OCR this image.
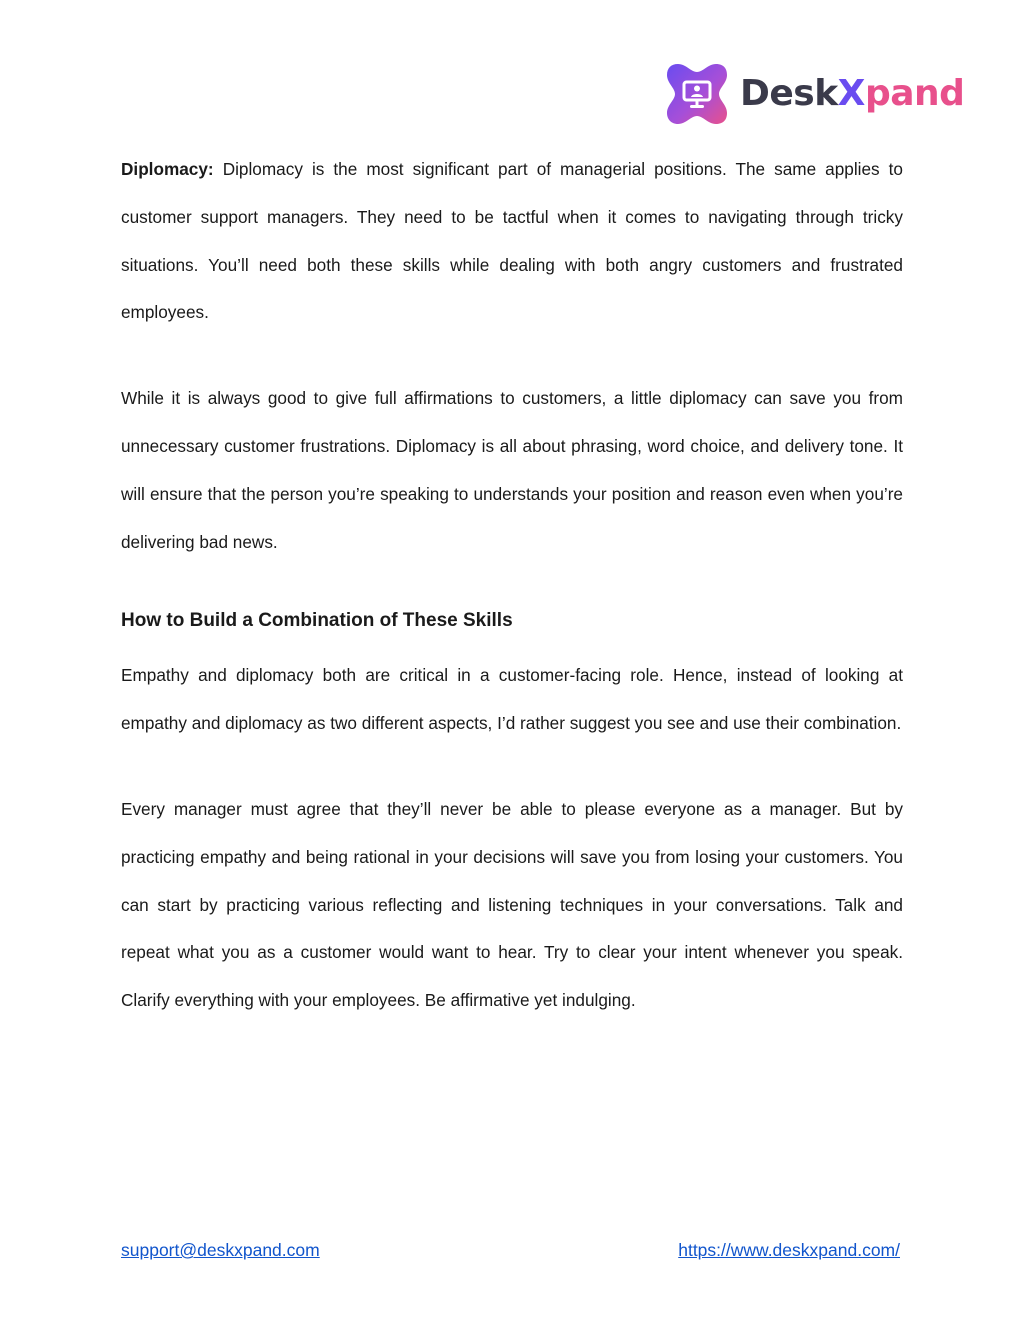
DeskXpand

Diplomacy: Diplomacy is the most significant part of managerial positions. The same applies to customer support managers. They need to be tactful when it comes to navigating through tricky situations. You’ll need both these skills while dealing with both angry customers and frustrated employees.

While it is always good to give full affirmations to customers, a little diplomacy can save you from unnecessary customer frustrations. Diplomacy is all about phrasing, word choice, and delivery tone. It will ensure that the person you’re speaking to understands your position and reason even when you’re delivering bad news.

How to Build a Combination of These Skills

Empathy and diplomacy both are critical in a customer-facing role. Hence, instead of looking at empathy and diplomacy as two different aspects, I’d rather suggest you see and use their combination.

Every manager must agree that they’ll never be able to please everyone as a manager. But by practicing empathy and being rational in your decisions will save you from losing your customers. You can start by practicing various reflecting and listening techniques in your conversations. Talk and repeat what you as a customer would want to hear. Try to clear your intent whenever you speak. Clarify everything with your employees. Be affirmative yet indulging.

support@deskxpand.com	https://www.deskxpand.com/
